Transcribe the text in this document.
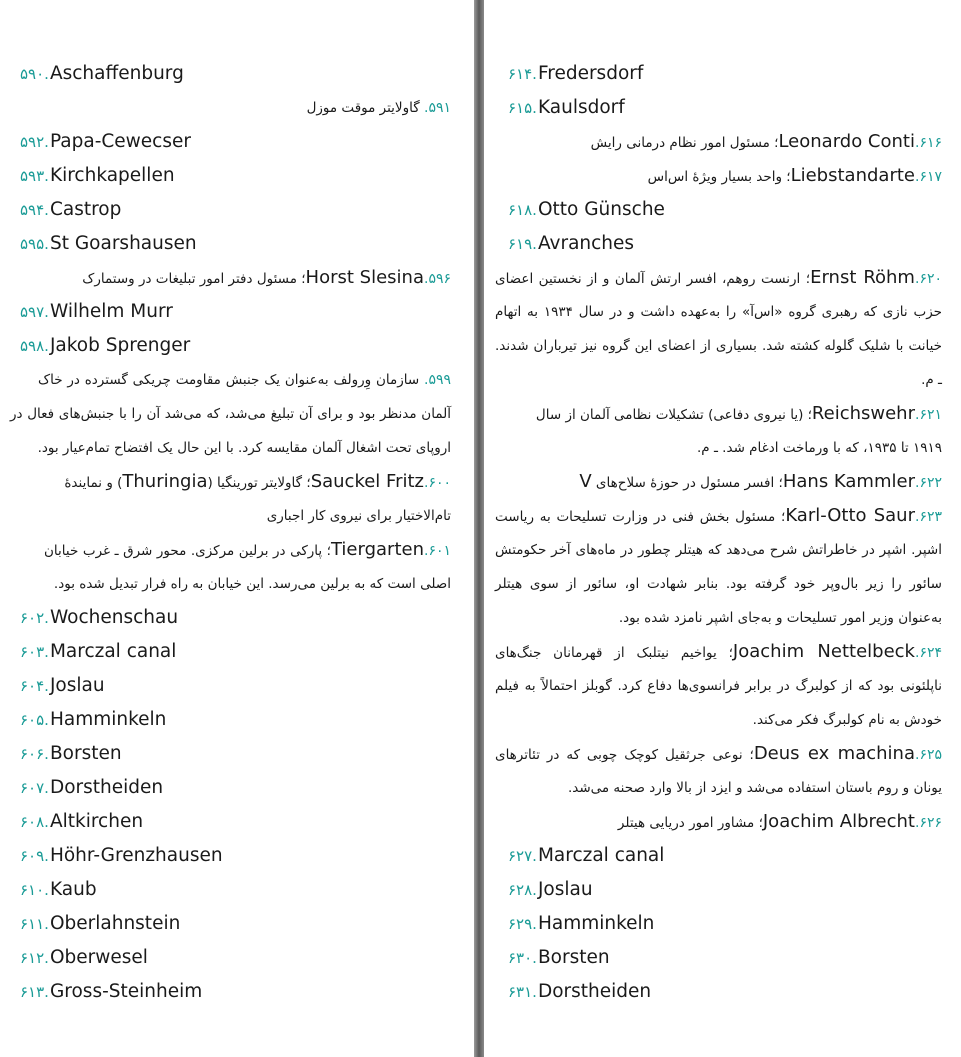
۵۹۰.Aschaffenburg
۵۹۱. گاولایتر موقت موزل
۵۹۲.Papa-Cewecser
۵۹۳.Kirchkapellen
۵۹۴.Castrop
۵۹۵.St Goarshausen
۵۹۶.Horst Slesina؛ مسئول دفتر امور تبلیغات در وستمارک
۵۹۷.Wilhelm Murr
۵۹۸.Jakob Sprenger
۵۹۹. سازمان وِرولف به‌عنوان یک جنبش مقاومت چریکی گسترده در خاک
آلمان مدنظر بود و برای آن تبلیغ می‌شد، که می‌شد آن را با جنبش‌های فعال در
اروپای تحت اشغال آلمان مقایسه کرد. با این حال یک افتضاح تمام‌عیار بود.
۶۰۰.Sauckel Fritz؛ گاولایتر تورینگیا (Thuringia) و نمایندهٔ
تام‌الاختیار برای نیروی کار اجباری
۶۰۱.Tiergarten؛ پارکی در برلین مرکزی. محور شرق ـ غرب خیابان
اصلی است که به برلین می‌رسد. این خیابان به راه فرار تبدیل شده بود.
۶۰۲.Wochenschau
۶۰۳.Marczal canal
۶۰۴.Joslau
۶۰۵.Hamminkeln
۶۰۶.Borsten
۶۰۷.Dorstheiden
۶۰۸.Altkirchen
۶۰۹.Höhr-Grenzhausen
۶۱۰.Kaub
۶۱۱.Oberlahnstein
۶۱۲.Oberwesel
۶۱۳.Gross-Steinheim
۶۱۴.Fredersdorf
۶۱۵.Kaulsdorf
۶۱۶.Leonardo Conti؛ مسئول امور نظام درمانی رایش
۶۱۷.Liebstandarte؛ واحد بسیار ویژهٔ اس‌اس
۶۱۸.Otto Günsche
۶۱۹.Avranches
۶۲۰.Ernst Röhm؛ ارنست روهم، افسر ارتش آلمان و از نخستین اعضای
حزب نازی که رهبری گروه «اس‌آ» را به‌عهده داشت و در سال ۱۹۳۴ به اتهام
خیانت با شلیک گلوله کشته شد. بسیاری از اعضای این گروه نیز تیرباران شدند.
ـ م.
۶۲۱.Reichswehr؛ (یا نیروی دفاعی) تشکیلات نظامی آلمان از سال
۱۹۱۹ تا ۱۹۳۵، که با ورماخت ادغام شد. ـ م.
۶۲۲.Hans Kammler؛ افسر مسئول در حوزهٔ سلاح‌های V
۶۲۳.Karl-Otto Saur؛ مسئول بخش فنی در وزارت تسلیحات به ریاست
اشپر. اشپر در خاطراتش شرح می‌دهد که هیتلر چطور در ماه‌های آخر حکومتش
سائور را زیر بال‌وپر خود گرفته بود. بنابر شهادت او، سائور از سوی هیتلر
به‌عنوان وزیر امور تسلیحات و به‌جای اشپر نامزد شده بود.
۶۲۴.Joachim Nettelbeck؛ یواخیم نیتلبک از قهرمانان جنگ‌های
ناپلئونی بود که از کولبرگ در برابر فرانسوی‌ها دفاع کرد. گوبلز احتمالاً به فیلم
خودش به نام کولبرگ فکر می‌کند.
۶۲۵.Deus ex machina؛ نوعی جرثقیل کوچک چوبی که در تئاترهای
یونان و روم باستان استفاده می‌شد و ایزد از بالا وارد صحنه می‌شد.
۶۲۶.Joachim Albrecht؛ مشاور امور دریایی هیتلر
۶۲۷.Marczal canal
۶۲۸.Joslau
۶۲۹.Hamminkeln
۶۳۰.Borsten
۶۳۱.Dorstheiden
